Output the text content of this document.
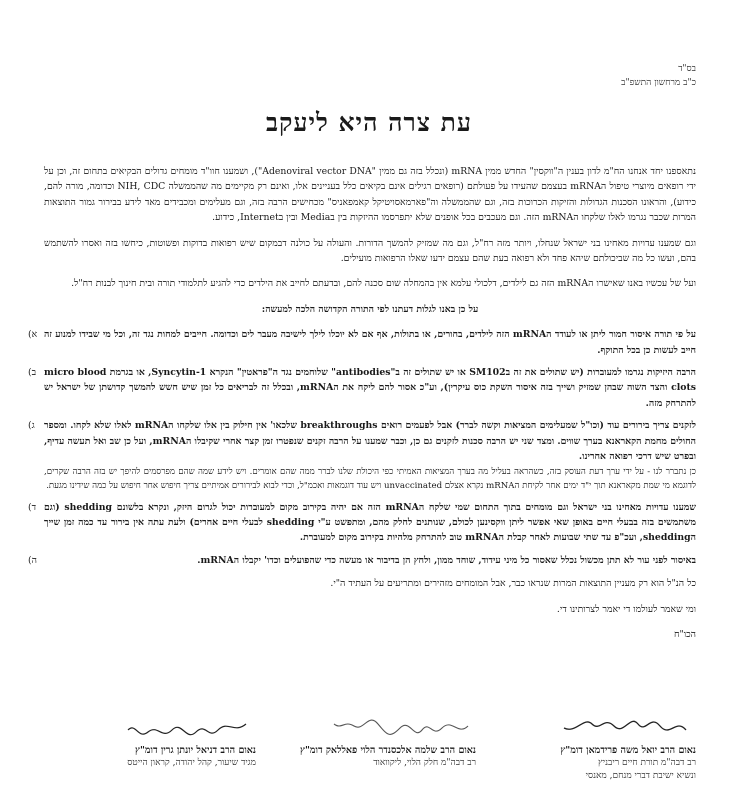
בס"ד
כ"ב מרחשון התשפ"ב
עת צרה היא ליעקב

נתאספנו יחד אנחנו הח"מ לדון בענין ה"ווקסין" החדש ממין mRNA (ונכלל בזה גם ממין "Adenoviral vector DNA"), ושמענו חוו"ד מומחים גדולים הבקיאים בתחום זה, וכן על ידי רופאים מיוצרי טיפול הmRNA בעצמם שהעידו על פעולתם (רופאים רגילים אינם בקיאים כלל בעניינים אלו, ואינם רק מקיימים מה שהממשלה NIH, CDC וכדומה, מורה להם, כידוע), והראונו הסכנות הגדולות והזיקות הכרוכות בזה, וגם שהממשלה וה"פארמאסויטיקל קאמפאניס" מכחישים הרבה בזה, וגם מעלימים ומכבידים מאד לידע בבירור גמור התוצאות המרות שכבר נגרמו לאלו שלקחו הmRNA הזה. וגם מעכבים בכל אופנים שלא יתפרסמו ההיזקות בין בMedia ובין בInternet, כידוע.

וגם שמענו עדויות מאחינו בני ישראל שנחלו, ויותר מזה רח"ל, וגם מה שמזיק להמשך הדורות. והעולה על כולנה דבמקום שיש רפואות בדוקות ופשוטות, כיחשו בזה ואסרו להשתמש בהם, ועשו כל מה שביכולתם שיהא פחד ולא רפואה בעת שהם עצמם ידעו שאלו הרפואות מועילים.

ועל של עכשיו באנו שאישרו הmRNA הזה גם לילדים, דלכולי עלמא אין בהמחלה שום סכנה להם, ובדעתם לחייב את הילדים כדי להגיע לתלמודי תורה ובית חינוך לבנות רח"ל.

על כן באנו לגלות דעתנו לפי התורה הקדושה הלכה למעשה:

א) על פי תורה איסור חמור ליתן או לעודד הmRNA הזה לילדים, בחורים, או בתולות, אף אם לא יוכלו לילך לישיבה מעבר לים וכדומה. חייבים למחות נגד זה, וכל מי שבידו למנוע זה חייב לעשות כן בכל התוקף.
ב) הרבה היזיקות נגרמו למעוברות (יש שתולים את זה בSM102 או יש שתולים זה ב"antibodies" שלוחמים נגד ה"פראטין" הנקרא Syncytin-1, או בגרמת micro blood clots והצד השוה שבהן שמזיק ושייך בזה איסור השקת כוס עיקרין), וע"כ אסור להם ליקח את הmRNA, ובכלל זה לבריאים כל זמן שיש חשש להמשך קדושתן של ישראל יש להתרחק מזה.
ג) לזקנים צריך בירורים עוד (וכו"ל שמעלימים המציאות וקשה לברר) אבל לפעמים רואים breakthroughs שלכאו' אין חילוק בין אלו שלקחו הmRNA לאלו שלא לקחו. ומספר החולים מחמת הקאראנא בערך שווים. ומצד שני יש הרבה סכנות לזקנים גם כן, וכבר שמענו על הרבה זקנים שנפטרו זמן קצר אחרי שקיבלו הmRNA, ועל כן שב ואל תעשה עדיף, ובפרט שיש דרכי רפואה אחרינו.
כן נתברר לנו - על ידי ערך דעת העוסק בזה, כשהראה בעליל מה בערך המציאות האמיתי כפי היכולת שלנו לברר ממה שהם אומרים. ויש לידע שמה שהם מפרסמים להיפך יש בזה הרבה שקרים, לדוגמא מי שמת מקאראנא תוך י"ד ימים אחר לקיחת הmRNA נקרא אצלם unvaccinated ויש עוד דוגמאות ואכמ"ל, וכדי לבוא לבירורים אמיתיים צריך חיפוש אחר חיפוש על כמה שידינו מגעת.
ד) שמענו עדויות מאחינו בני ישראל וגם מומחים בתוך התחום שמי שלקח הmRNA הזה אם יהיה בקירוב מקום למעוברות יכול לגרום היזק, ונקרא בלשונם shedding (וגם משתמשים בזה בבעלי חיים באופן שאי אפשר ליתן ווקסינען לכולם, שנותנים לחלק מהם, ומתפשט ע"י shedding לבעלי חיים אחרים) ולעת עתה אין בירור עד כמה זמן שייך הshedding, ועכ"פ עד שתי שבועות לאחר קבלת הmRNA טוב להתרחק מלהיות בקירוב מקום למעוברת.
ה)	באיסור לפני עור לא תתן מכשול נכלל שאסור כל מיני עידוד, שוחד ממון, ולחץ הן בדיבור או מעשה כדי שהפועלים וכדו' יקבלו הmRNA.

כל הנ"ל הוא רק מעניין התוצאות המרות שנראו כבר, אבל המומחים מזהירים ומתריעים על העתיד ה"י.

ומי שאמר לעולמו די יאמר לצרותינו די.

הכו"ח

נאום הרב יואל משה פרידמאן דומ"ץ
רב דבה"מ תורת חיים ריבניץ
ונשיא ישיבת דברי מנחם, מאנסי
נאום הרב שלמה אלכסנדר הלוי פאללאק דומ"ץ
רב דבה"מ חלק הלוי, ליקוואוד
נאום הרב דניאל יונתן גרין דומ"ץ
מגיד שיעור, קהל יהודה, קראון הייטס
